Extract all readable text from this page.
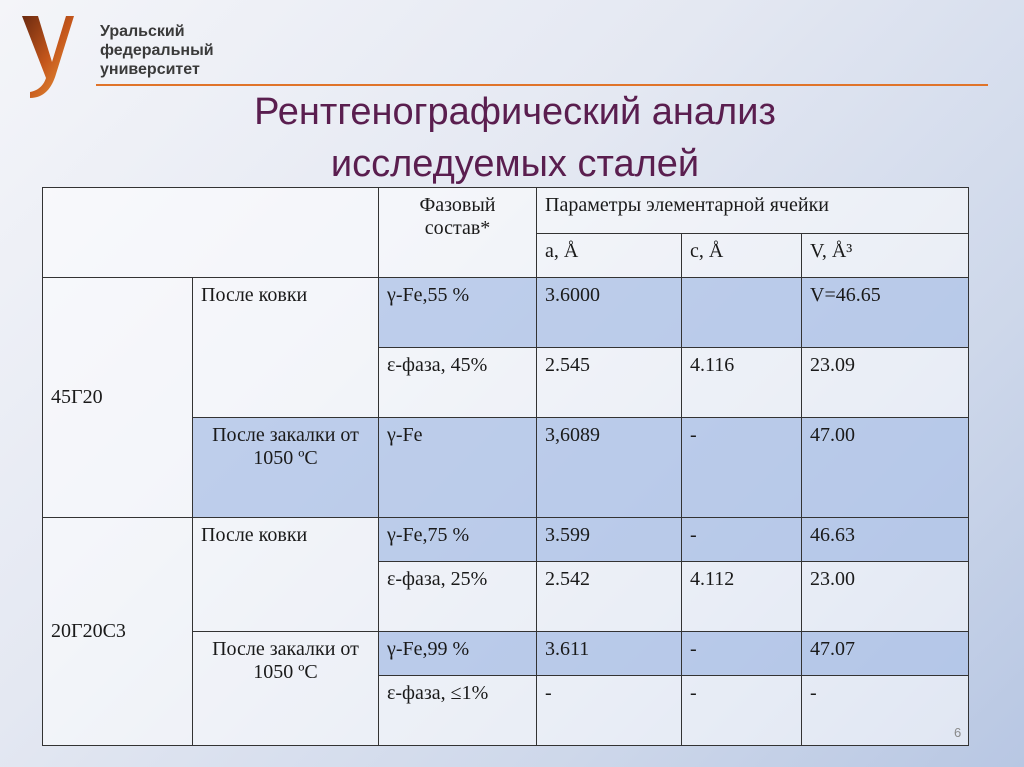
Уральский
федеральный
университет
Рентгенографический анализ
исследуемых сталей
		Фазовый состав*	Параметры элементарной ячейки		
			a, Å	c, Å	V, Å³
45Г20	После ковки	γ-Fe,55 %	3.6000		V=46.65
		ε-фаза, 45%	2.545	4.116	23.09
	После закалки от 1050 ºС	γ-Fe	3,6089	-	47.00
20Г20С3	После ковки	γ-Fe,75 %	3.599	-	46.63
		ε-фаза, 25%	2.542	4.112	23.00
	После закалки от 1050 ºС	γ-Fe,99 %	3.611	-	47.07
		ε-фаза, ≤1%	-	-	-
6
